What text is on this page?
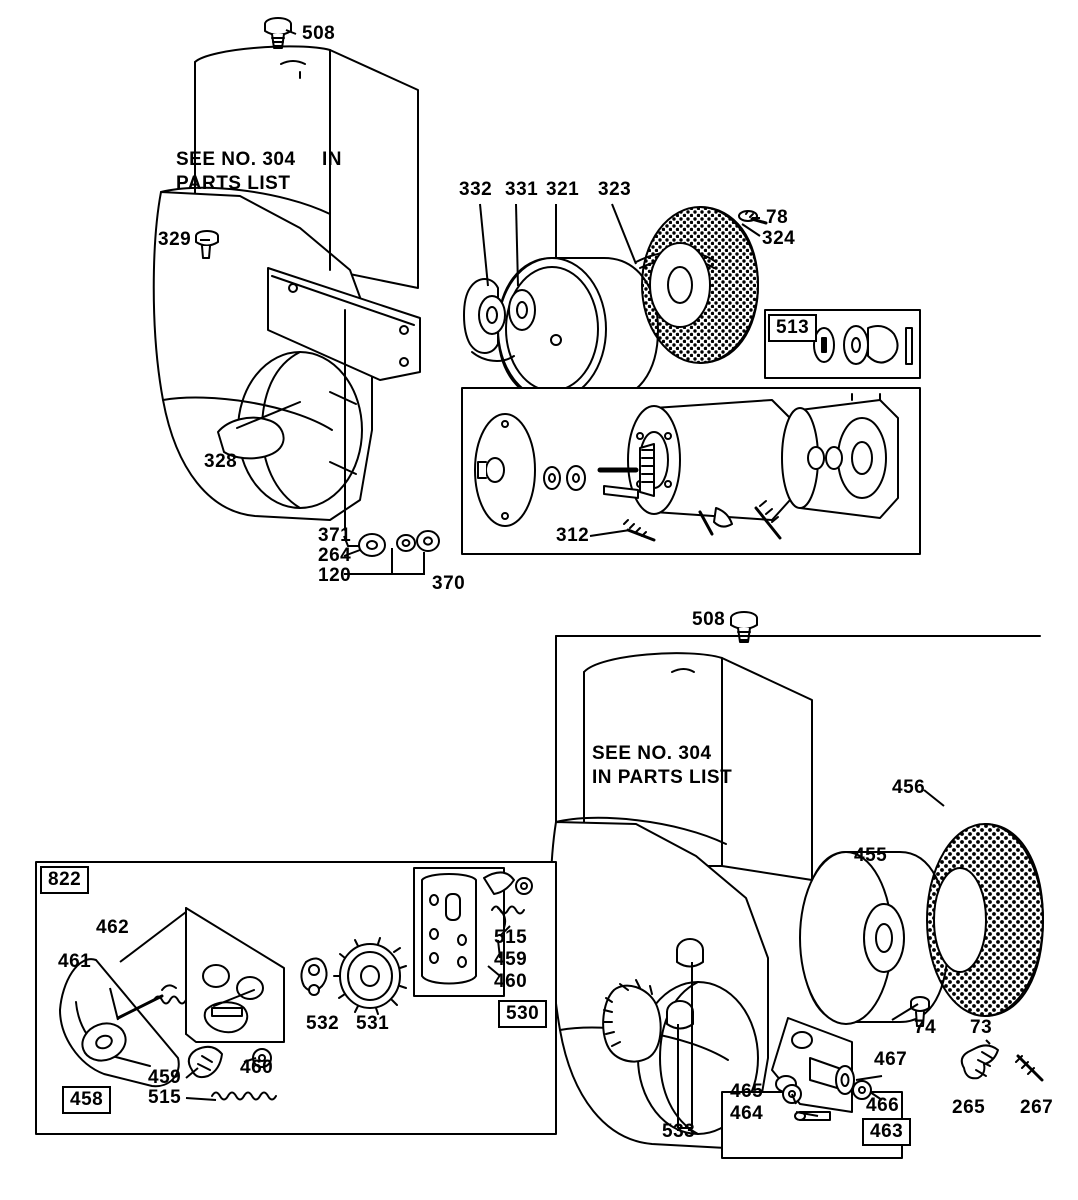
508
SEE NO. 304
PARTS LIST
IN
329
328
371
264
120	370
332 331 321 323
78
324
312
513
508
SEE NO. 304
IN PARTS LIST	456
455
74 73
265 267
467
465
464	466
533	463
822
462
461
459	460
515
458
532 531
515
459
460
530
